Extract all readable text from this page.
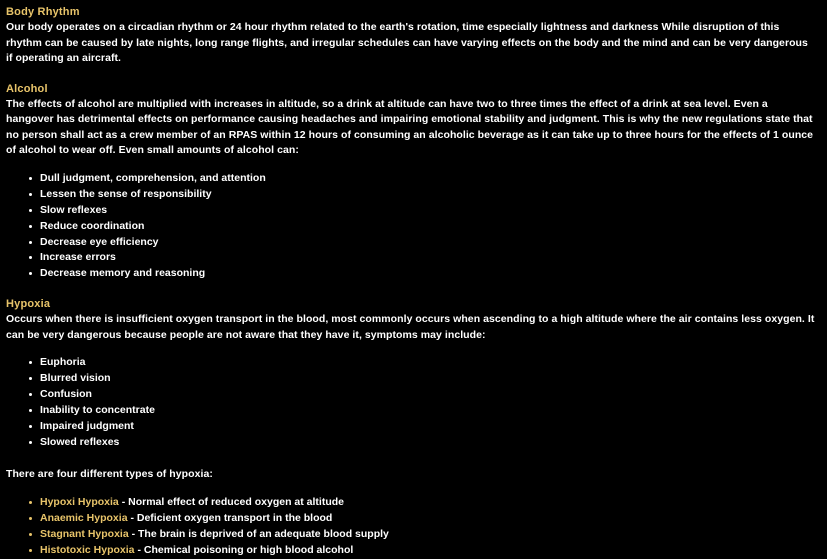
Body Rhythm

Our body operates on a circadian rhythm or 24 hour rhythm related to the earth's rotation, time especially lightness and darkness While disruption of this rhythm can be caused by late nights, long range flights, and irregular schedules can have varying effects on the body and the mind and can be very dangerous if operating an aircraft.

Alcohol

The effects of alcohol are multiplied with increases in altitude, so a drink at altitude can have two to three times the effect of a drink at sea level. Even a hangover has detrimental effects on performance causing headaches and impairing emotional stability and judgment. This is why the new regulations state that no person shall act as a crew member of an RPAS within 12 hours of consuming an alcoholic beverage as it can take up to three hours for the effects of 1 ounce of alcohol to wear off. Even small amounts of alcohol can:

Dull judgment, comprehension, and attention
Lessen the sense of responsibility
Slow reflexes
Reduce coordination
Decrease eye efficiency
Increase errors
Decrease memory and reasoning
Hypoxia

Occurs when there is insufficient oxygen transport in the blood, most commonly occurs when ascending to a high altitude where the air contains less oxygen. It can be very dangerous because people are not aware that they have it, symptoms may include:

Euphoria
Blurred vision
Confusion
Inability to concentrate
Impaired judgment
Slowed reflexes

There are four different types of hypoxia:

Hypoxi Hypoxia - Normal effect of reduced oxygen at altitude
Anaemic Hypoxia - Deficient oxygen transport in the blood
Stagnant Hypoxia - The brain is deprived of an adequate blood supply
Histotoxic Hypoxia - Chemical poisoning or high blood alcohol
